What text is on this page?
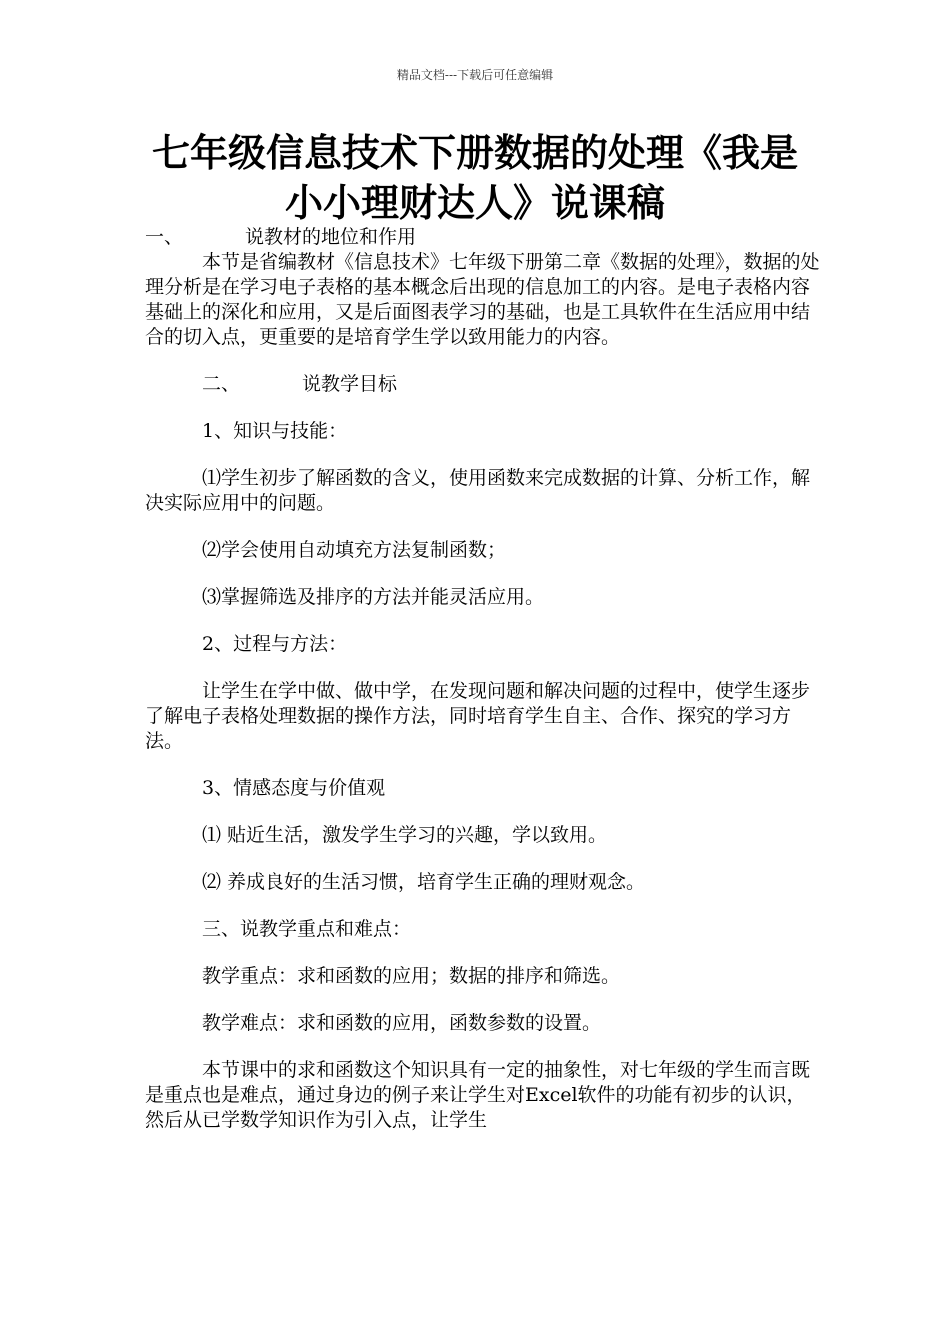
精品文档---下载后可任意编辑
七年级信息技术下册数据的处理《我是小小理财达人》说课稿

一、	说教材的地位和作用

本节是省编教材《信息技术》七年级下册第二章《数据的处理》，数据的处理分析是在学习电子表格的基本概念后出现的信息加工的内容。是电子表格内容基础上的深化和应用，又是后面图表学习的基础，也是工具软件在生活应用中结合的切入点，更重要的是培育学生学以致用能力的内容。

二、	说教学目标

1、知识与技能：

⑴学生初步了解函数的含义，使用函数来完成数据的计算、分析工作，解决实际应用中的问题。

⑵学会使用自动填充方法复制函数；

⑶掌握筛选及排序的方法并能灵活应用。

2、过程与方法：

让学生在学中做、做中学，在发现问题和解决问题的过程中，使学生逐步了解电子表格处理数据的操作方法，同时培育学生自主、合作、探究的学习方法。

3、情感态度与价值观

⑴ 贴近生活，激发学生学习的兴趣，学以致用。

⑵ 养成良好的生活习惯，培育学生正确的理财观念。

三、说教学重点和难点：

教学重点：求和函数的应用；数据的排序和筛选。

教学难点：求和函数的应用，函数参数的设置。

本节课中的求和函数这个知识具有一定的抽象性，对七年级的学生而言既是重点也是难点，通过身边的例子来让学生对Excel软件的功能有初步的认识，然后从已学数学知识作为引入点，让学生
